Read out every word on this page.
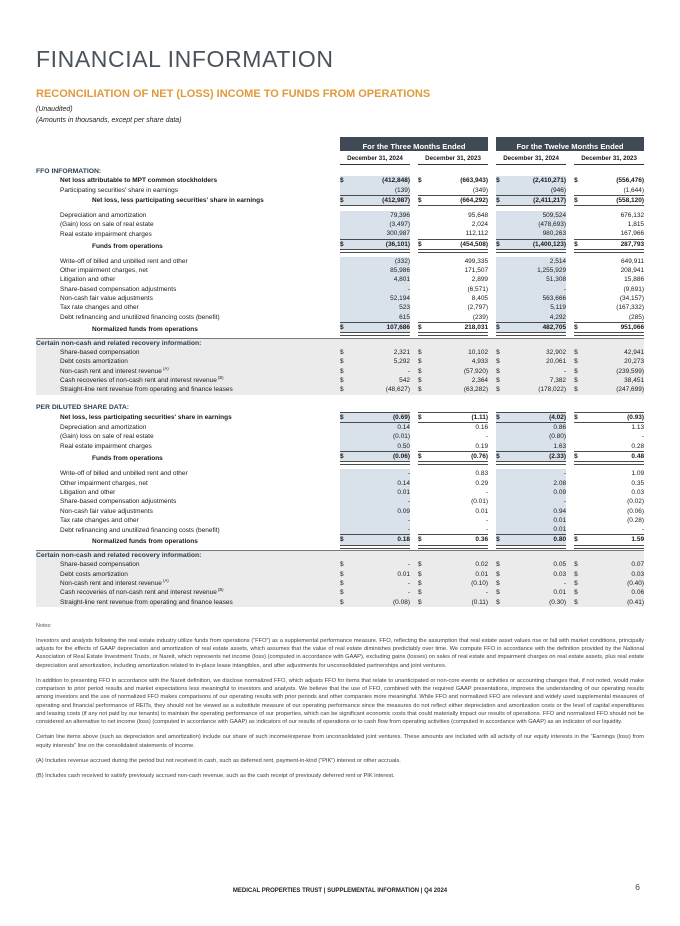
FINANCIAL INFORMATION
RECONCILIATION OF NET (LOSS) INCOME TO FUNDS FROM OPERATIONS

(Unaudited)

(Amounts in thousands, except per share data)

	For the Three Months Ended						For the Twelve Months Ended				
	December 31, 2024			December 31, 2023			December 31, 2024			December 31, 2023	

FFO INFORMATION:											
Net loss attributable to MPT common stockholders	$	(412,848)		$	(663,943)		$	(2,410,271)		$	(556,476)
Participating securities' share in earnings		(139)			(349)			(946)			(1,644)
Net loss, less participating securities' share in earnings	$	(412,987)		$	(664,292)		$	(2,411,217)		$	(558,120)

Depreciation and amortization		79,396			95,648			509,524			676,132
(Gain) loss on sale of real estate		(3,497)			2,024			(478,693)			1,815
Real estate impairment charges		300,987			112,112			980,263			167,966
Funds from operations	$	(36,101)		$	(454,508)		$	(1,400,123)		$	287,793

Write-off of billed and unbilled rent and other		(332)			499,335			2,514			649,911
Other impairment charges, net		85,986			171,507			1,255,929			208,941
Litigation and other		4,801			2,899			51,308			15,886
Share-based compensation adjustments		-			(6,571)			-			(9,691)
Non-cash fair value adjustments		52,194			8,405			563,666			(34,157)
Tax rate changes and other		523			(2,797)			5,119			(167,332)
Debt refinancing and unutilized financing costs (benefit)		615			(239)			4,292			(285)
Normalized funds from operations	$	107,686		$	218,031		$	482,705		$	951,066

Certain non-cash and related recovery information:											
Share-based compensation	$	2,321		$	10,102		$	32,902		$	42,941
Debt costs amortization	$	5,292		$	4,933		$	20,061		$	20,273
Non-cash rent and interest revenue $^{(A)}$	$	-		$	(57,920)		$	-		$	(239,599)
Cash recoveries of non-cash rent and interest revenue $^{(B)}$	$	542		$	2,364		$	7,382		$	38,451
Straight-line rent revenue from operating and finance leases	$	(48,627)		$	(63,282)		$	(178,022)		$	(247,699)

PER DILUTED SHARE DATA:											
Net loss, less participating securities' share in earnings	$	(0.69)		$	(1.11)		$	(4.02)		$	(0.93)
Depreciation and amortization		0.14			0.16			0.86			1.13
(Gain) loss on sale of real estate		(0.01)			-			(0.80)			-
Real estate impairment charges		0.50			0.19			1.63			0.28
Funds from operations	$	(0.06)		$	(0.76)		$	(2.33)		$	0.48

Write-off of billed and unbilled rent and other		-			0.83			-			1.09
Other impairment charges, net		0.14			0.29			2.08			0.35
Litigation and other		0.01			-			0.09			0.03
Share-based compensation adjustments		-			(0.01)			-			(0.02)
Non-cash fair value adjustments		0.09			0.01			0.94			(0.06)
Tax rate changes and other		-			-			0.01			(0.28)
Debt refinancing and unutilized financing costs (benefit)		-			-			0.01			-
Normalized funds from operations	$	0.18		$	0.36		$	0.80		$	1.59

Certain non-cash and related recovery information:											
Share-based compensation	$	-		$	0.02		$	0.05		$	0.07
Debt costs amortization	$	0.01		$	0.01		$	0.03		$	0.03
Non-cash rent and interest revenue $^{(A)}$	$	-		$	(0.10)		$	-		$	(0.40)
Cash recoveries of non-cash rent and interest revenue $^{(B)}$	$	-		$	-		$	0.01		$	0.06
Straight-line rent revenue from operating and finance leases	$	(0.08)		$	(0.11)		$	(0.30)		$	(0.41)

Notes:

Investors and analysts following the real estate industry utilize funds from operations (“FFO”) as a supplemental performance measure. FFO, reflecting the assumption that real estate asset values rise or fall with market conditions, principally adjusts for the effects of GAAP depreciation and amortization of real estate assets, which assumes that the value of real estate diminishes predictably over time. We compute FFO in accordance with the definition provided by the National Association of Real Estate Investment Trusts, or Nareit, which represents net income (loss) (computed in accordance with GAAP), excluding gains (losses) on sales of real estate and impairment charges on real estate assets, plus real estate depreciation and amortization, including amortization related to in-place lease intangibles, and after adjustments for unconsolidated partnerships and joint ventures.

In addition to presenting FFO in accordance with the Nareit definition, we disclose normalized FFO, which adjusts FFO for items that relate to unanticipated or non-core events or activities or accounting changes that, if not noted, would make comparison to prior period results and market expectations less meaningful to investors and analysts. We believe that the use of FFO, combined with the required GAAP presentations, improves the understanding of our operating results among investors and the use of normalized FFO makes comparisons of our operating results with prior periods and other companies more meaningful. While FFO and normalized FFO are relevant and widely used supplemental measures of operating and financial performance of REITs, they should not be viewed as a substitute measure of our operating performance since the measures do not reflect either depreciation and amortization costs or the level of capital expenditures and leasing costs (if any not paid by our tenants) to maintain the operating performance of our properties, which can be significant economic costs that could materially impact our results of operations. FFO and normalized FFO should not be considered an alternative to net income (loss) (computed in accordance with GAAP) as indicators of our results of operations or to cash flow from operating activities (computed in accordance with GAAP) as an indicator of our liquidity.

Certain line items above (such as depreciation and amortization) include our share of such income/expense from unconsolidated joint ventures. These amounts are included with all activity of our equity interests in the “Earnings (loss) from equity interests” line on the consolidated statements of income.

(A) Includes revenue accrued during the period but not received in cash, such as deferred rent, payment-in-kind (“PIK”) interest or other accruals.

(B) Includes cash received to satisfy previously accrued non-cash revenue, such as the cash receipt of previously deferred rent or PIK interest.

MEDICAL PROPERTIES TRUST | SUPPLEMENTAL INFORMATION | Q4 2024	6
